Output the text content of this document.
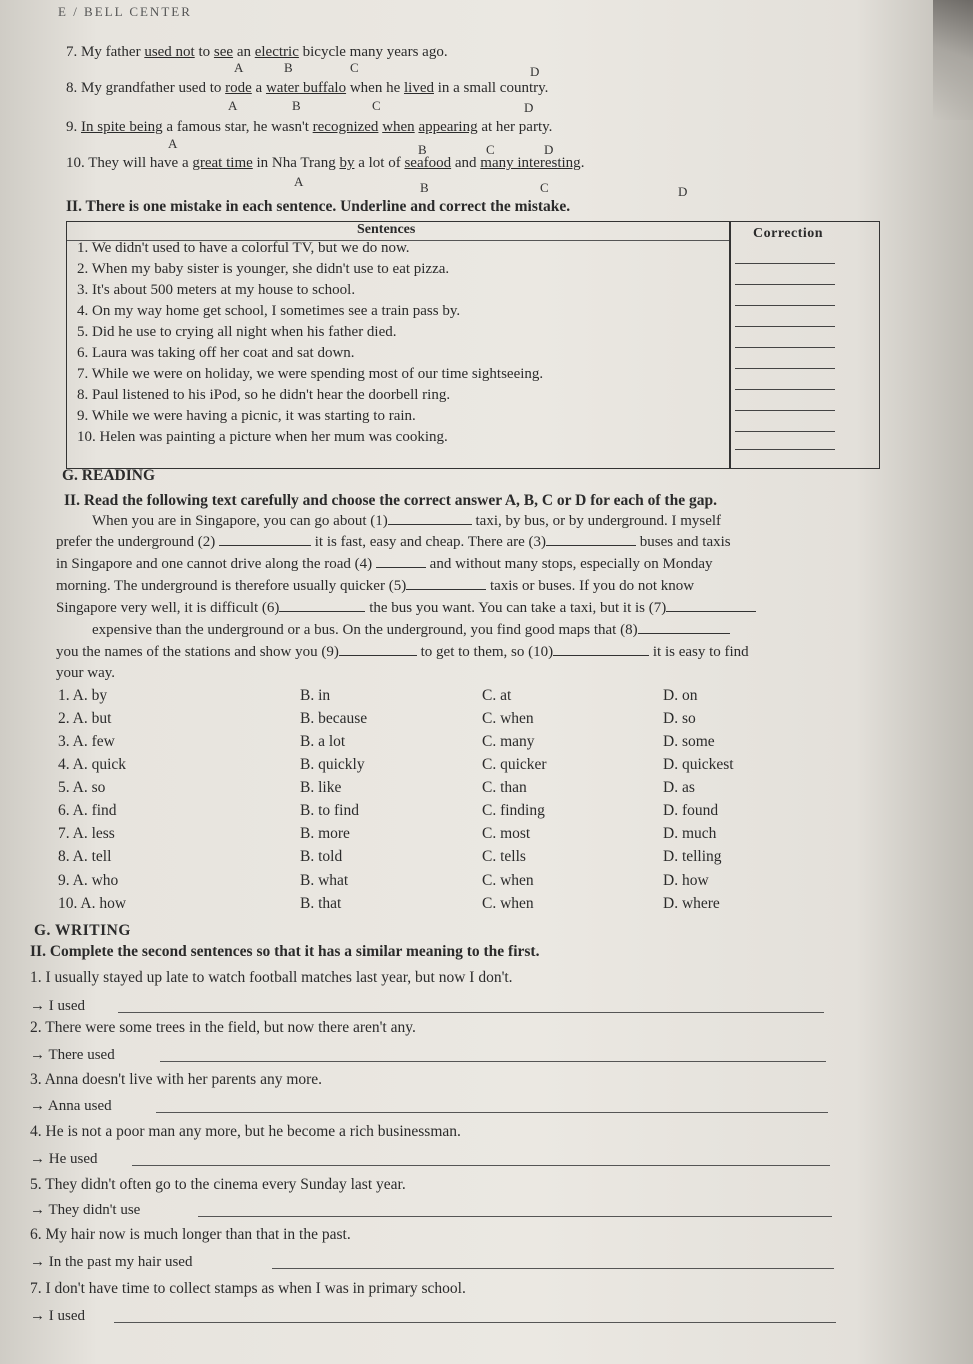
E / BELL CENTER
7. My father used not to see an electric bicycle many years ago.
A	B	C	D
8. My grandfather used to rode a water buffalo when he lived in a small country.
A	B	C	D
9. In spite being a famous star, he wasn't recognized when appearing at her party.
A	B	C	D
10. They will have a great time in Nha Trang by a lot of seafood and many interesting.
A	B	C	D
II. There is one mistake in each sentence. Underline and correct the mistake.
Sentences	Correction
1. We didn't used to have a colorful TV, but we do now.
2. When my baby sister is younger, she didn't use to eat pizza.
3. It's about 500 meters at my house to school.
4. On my way home get school, I sometimes see a train pass by.
5. Did he use to crying all night when his father died.
6. Laura was taking off her coat and sat down.
7. While we were on holiday, we were spending most of our time sightseeing.
8. Paul listened to his iPod, so he didn't hear the doorbell ring.
9. While we were having a picnic, it was starting to rain.
10. Helen was painting a picture when her mum was cooking.
G. READING
II. Read the following text carefully and choose the correct answer A, B, C or D for each of the gap.
When you are in Singapore, you can go about (1)	taxi, by bus, or by underground. I myself
prefer the underground (2)	it is fast, easy and cheap. There are (3)	buses and taxis
in Singapore and one cannot drive along the road (4)	and without many stops, especially on Monday
morning. The underground is therefore usually quicker (5)	taxis or buses. If you do not know
Singapore very well, it is difficult (6)	the bus you want. You can take a taxi, but it is (7)
expensive than the underground or a bus. On the underground, you find good maps that (8)
you the names of the stations and show you (9)	to get to them, so (10)	it is easy to find
your way.
1. A. by	B. in	C. at	D. on
2. A. but	B. because	C. when	D. so
3. A. few	B. a lot	C. many	D. some
4. A. quick	B. quickly	C. quicker	D. quickest
5. A. so	B. like	C. than	D. as
6. A. find	B. to find	C. finding	D. found
7. A. less	B. more	C. most	D. much
8. A. tell	B. told	C. tells	D. telling
9. A. who	B. what	C. when	D. how
10. A. how	B. that	C. when	D. where
G. WRITING
II. Complete the second sentences so that it has a similar meaning to the first.
1. I usually stayed up late to watch football matches last year, but now I don't.
→ I used
2. There were some trees in the field, but now there aren't any.
→ There used
3. Anna doesn't live with her parents any more.
→ Anna used
4. He is not a poor man any more, but he become a rich businessman.
→ He used
5. They didn't often go to the cinema every Sunday last year.
→ They didn't use
6. My hair now is much longer than that in the past.
→ In the past my hair used
7. I don't have time to collect stamps as when I was in primary school.
→ I used
